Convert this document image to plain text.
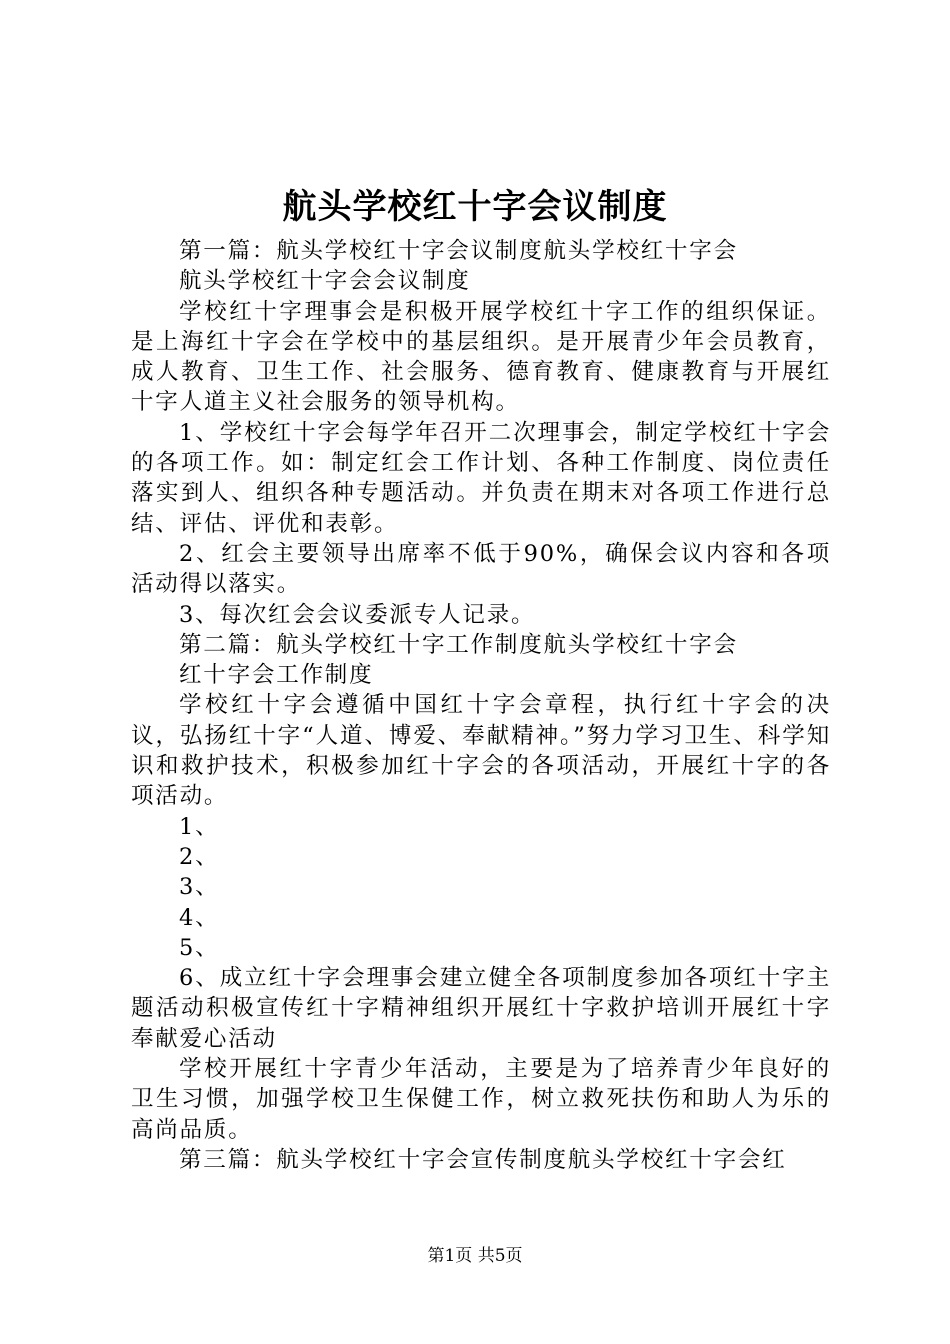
航头学校红十字会议制度

第一篇：航头学校红十字会议制度航头学校红十字会

航头学校红十字会会议制度

学校红十字理事会是积极开展学校红十字工作的组织保证。是上海红十字会在学校中的基层组织。是开展青少年会员教育，成人教育、卫生工作、社会服务、德育教育、健康教育与开展红十字人道主义社会服务的领导机构。

1、学校红十字会每学年召开二次理事会，制定学校红十字会的各项工作。如：制定红会工作计划、各种工作制度、岗位责任落实到人、组织各种专题活动。并负责在期末对各项工作进行总结、评估、评优和表彰。

2、红会主要领导出席率不低于90%，确保会议内容和各项活动得以落实。

3、每次红会会议委派专人记录。

第二篇：航头学校红十字工作制度航头学校红十字会

红十字会工作制度

学校红十字会遵循中国红十字会章程，执行红十字会的决议，弘扬红十字“人道、博爱、奉献精神。”努力学习卫生、科学知识和救护技术，积极参加红十字会的各项活动，开展红十字的各项活动。

1、

2、

3、

4、

5、

6、成立红十字会理事会建立健全各项制度参加各项红十字主题活动积极宣传红十字精神组织开展红十字救护培训开展红十字奉献爱心活动

学校开展红十字青少年活动，主要是为了培养青少年良好的卫生习惯，加强学校卫生保健工作，树立救死扶伤和助人为乐的高尚品质。

第三篇：航头学校红十字会宣传制度航头学校红十字会红

第1页 共5页
